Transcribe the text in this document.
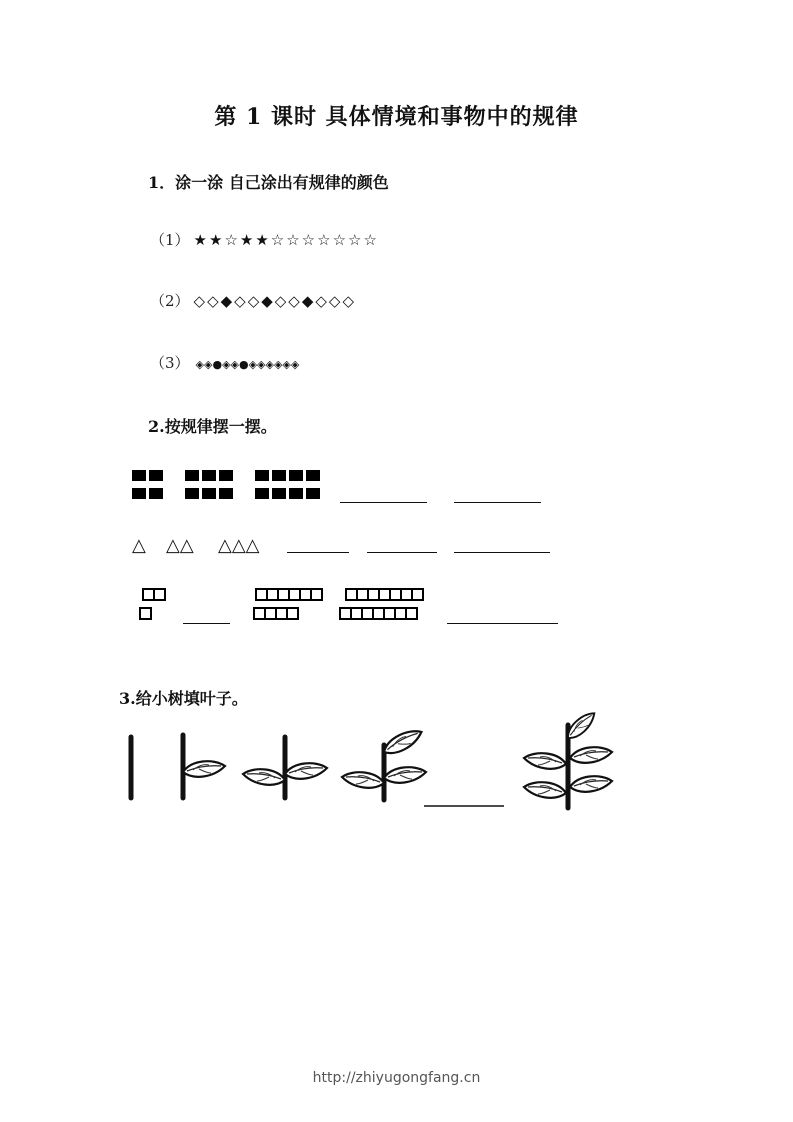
第 1 课时 具体情境和事物中的规律
1．涂一涂 自己涂出有规律的颜色
（1） ★★☆★★☆☆☆☆☆☆☆
（2） ◇◇◆◇◇◆◇◇◆◇◇◇
（3） ◈◈●◈◈●◈◈◈◈◈◈
2.按规律摆一摆。
△ △△ △△△
3.给小树填叶子。
http://zhiyugongfang.cn
